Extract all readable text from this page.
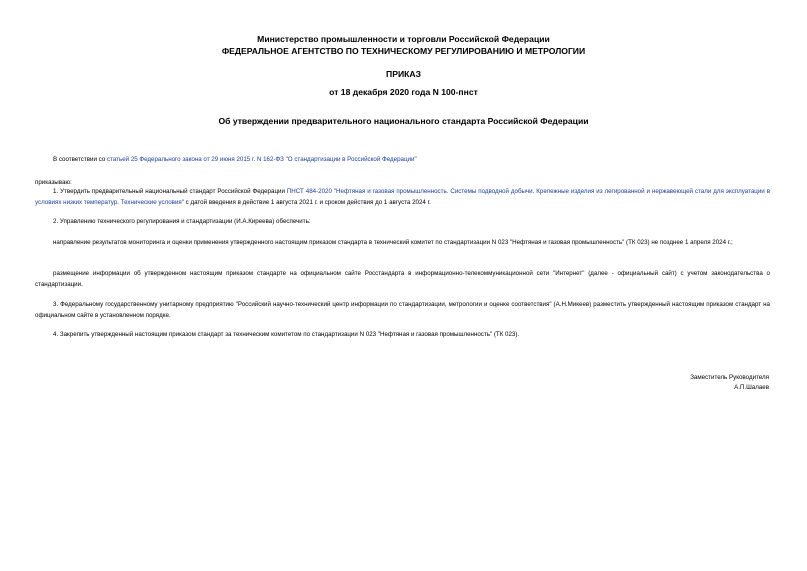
Министерство промышленности и торговли Российской Федерации
ФЕДЕРАЛЬНОЕ АГЕНТСТВО ПО ТЕХНИЧЕСКОМУ РЕГУЛИРОВАНИЮ И МЕТРОЛОГИИ
ПРИКАЗ
от 18 декабря 2020 года N 100-пнст
Об утверждении предварительного национального стандарта Российской Федерации
В соответствии со статьей 25 Федерального закона от 29 июня 2015 г. N 162-ФЗ "О стандартизации в Российской Федерации"
приказываю:
1. Утвердить предварительный национальный стандарт Российской Федерации ПНСТ 484-2020 "Нефтяная и газовая промышленность. Системы подводной добычи. Крепежные изделия из легированной и нержавеющей стали для эксплуатации в условиях низких температур. Технические условия" с датой введения в действие 1 августа 2021 г. и сроком действия до 1 августа 2024 г.
2. Управлению технического регулирования и стандартизации (И.А.Киреева) обеспечить:
направление результатов мониторинга и оценки применения утвержденного настоящим приказом стандарта в технический комитет по стандартизации N 023 "Нефтяная и газовая промышленность" (ТК 023) не позднее 1 апреля 2024 г.;
размещение информации об утвержденном настоящим приказом стандарте на официальном сайте Росстандарта в информационно-телекоммуникационной сети "Интернет" (далее - официальный сайт) с учетом законодательства о стандартизации.
3. Федеральному государственному унитарному предприятию "Российский научно-технический центр информации по стандартизации, метрологии и оценке соответствия" (А.Н.Микеев) разместить утвержденный настоящим приказом стандарт на официальном сайте в установленном порядке.
4. Закрепить утвержденный настоящим приказом стандарт за техническим комитетом по стандартизации N 023 "Нефтяная и газовая промышленность" (ТК 023).
Заместитель Руководителя
А.П.Шалаев
